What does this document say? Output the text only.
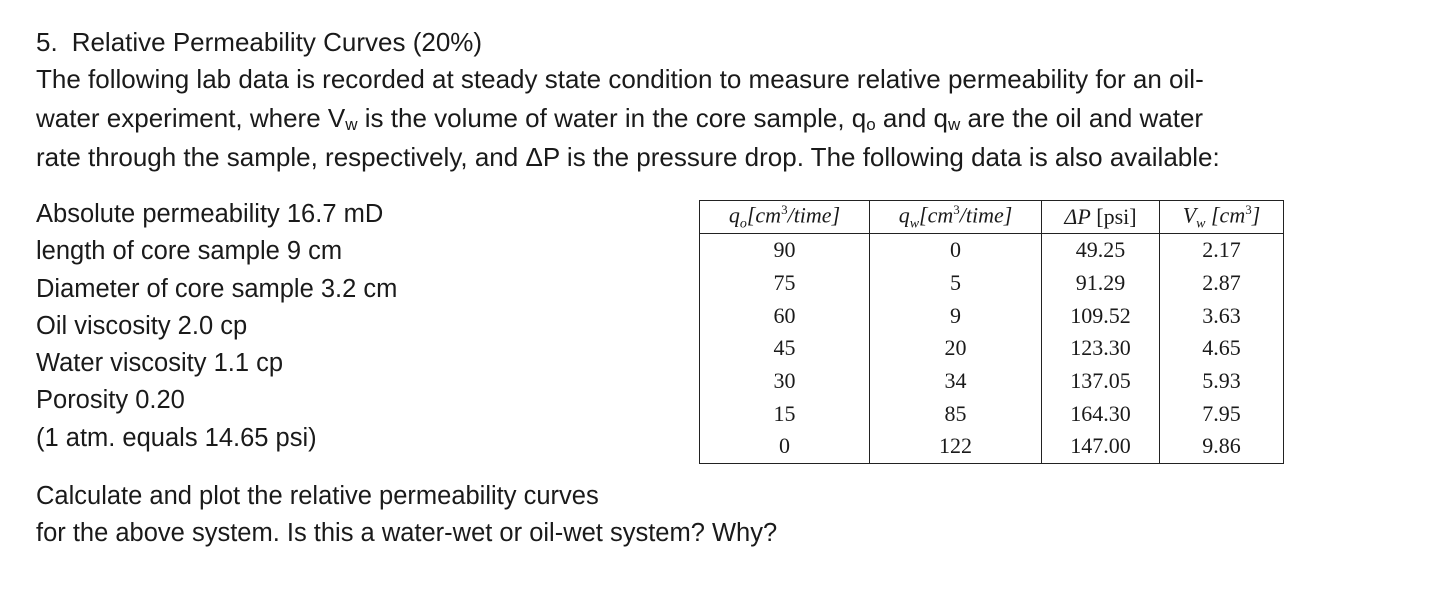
5. Relative Permeability Curves (20%)
The following lab data is recorded at steady state condition to measure relative permeability for an oil-
water experiment, where $V_w$ is the volume of water in the core sample, $q_o$ and $q_w$ are the oil and water
rate through the sample, respectively, and ΔP is the pressure drop. The following data is also available:
Absolute permeability 16.7 mD
length of core sample 9 cm
Diameter of core sample 3.2 cm
Oil viscosity 2.0 cp
Water viscosity 1.1 cp
Porosity 0.20
(1 atm. equals 14.65 psi)
$q_o[cm^3/time]$	$q_w[cm^3/time]$	ΔP [psi]	$V_w$ $[cm^3]$
90	0	49.25	2.17
75	5	91.29	2.87
60	9	109.52	3.63
45	20	123.30	4.65
30	34	137.05	5.93
15	85	164.30	7.95
0	122	147.00	9.86
Calculate and plot the relative permeability curves
for the above system. Is this a water-wet or oil-wet system? Why?
